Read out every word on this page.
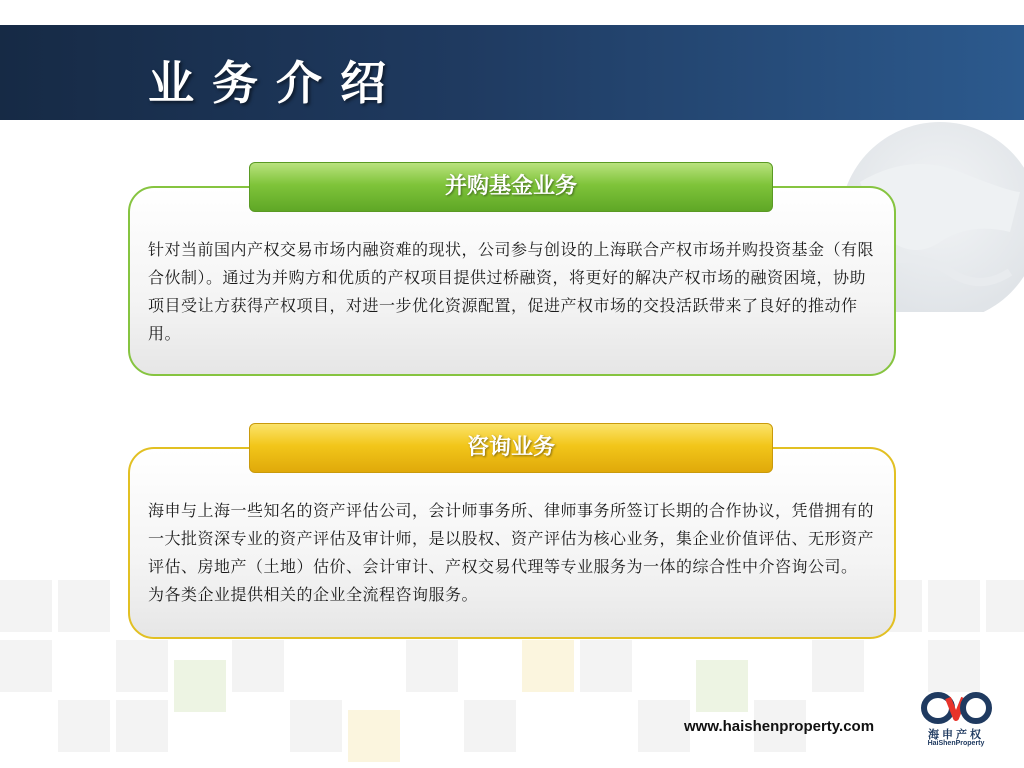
业务介绍

针对当前国内产权交易市场内融资难的现状，公司参与创设的上海联合产权市场并购投资基金（有限合伙制）。通过为并购方和优质的产权项目提供过桥融资，将更好的解决产权市场的融资困境，协助项目受让方获得产权项目，对进一步优化资源配置，促进产权市场的交投活跃带来了良好的推动作用。

并购基金业务

海申与上海一些知名的资产评估公司，会计师事务所、律师事务所签订长期的合作协议，凭借拥有的一大批资深专业的资产评估及审计师，是以股权、资产评估为核心业务，集企业价值评估、无形资产评估、房地产（土地）估价、会计审计、产权交易代理等专业服务为一体的综合性中介咨询公司。

为各类企业提供相关的企业全流程咨询服务。

咨询业务
www.haishenproperty.com	海申产权
HaiShenProperty
